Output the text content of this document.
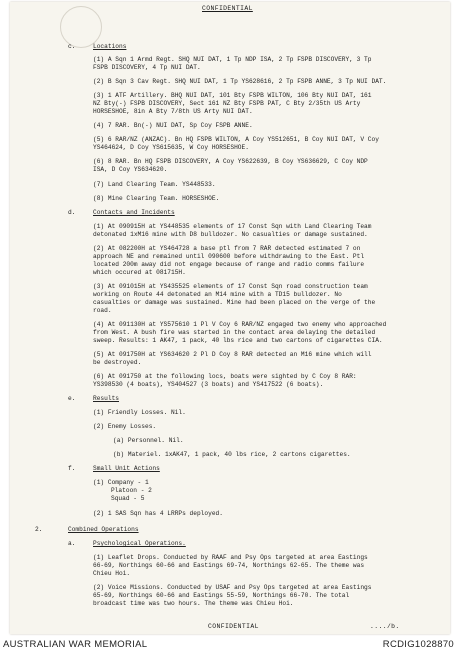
CONFIDENTIAL
c.	Locations
(1) A Sqn 1 Armd Regt. SHQ NUI DAT, 1 Tp NDP ISA, 2 Tp FSPB DISCOVERY, 3 Tp
FSPB DISCOVERY, 4 Tp NUI DAT.
(2) B Sqn 3 Cav Regt. SHQ NUI DAT, 1 Tp YS628616, 2 Tp FSPB ANNE, 3 Tp NUI DAT.
(3) 1 ATF Artillery. BHQ NUI DAT, 101 Bty FSPB WILTON, 106 Bty NUI DAT, 161
NZ Bty(-) FSPB DISCOVERY, Sect 161 NZ Bty FSPB PAT, C Bty 2/35th US Arty
HORSESHOE, 8in A Bty 7/8th US Arty NUI DAT.
(4) 7 RAR. Bn(-) NUI DAT, Sp Coy FSPB ANNE.
(5) 6 RAR/NZ (ANZAC). Bn HQ FSPB WILTON, A Coy YS512651, B Coy NUI DAT, V Coy
YS464624, D Coy YS615635, W Coy HORSESHOE.
(6) 8 RAR. Bn HQ FSPB DISCOVERY, A Coy YS622639, B Coy YS636629, C Coy NDP
ISA, D Coy YS634620.
(7) Land Clearing Team. YS448533.
(8) Mine Clearing Team. HORSESHOE.
d.	Contacts and Incidents
(1) At 090915H at YS448535 elements of 17 Const Sqn with Land Clearing Team
detonated 1xM16 mine with D8 bulldozer. No casualties or damage sustained.
(2) At 082200H at YS464728 a base ptl from 7 RAR detected estimated 7 on
approach NE and remained until 090600 before withdrawing to the East. Ptl
located 200m away did not engage because of range and radio comms failure
which occured at 081715H.
(3) At 091015H at YS435525 elements of 17 Const Sqn road construction team
working on Route 44 detonated an M14 mine with a TD15 bulldozer. No
casualties or damage was sustained. Mine had been placed on the verge of the
road.
(4) At 091130H at YS575610 1 Pl V Coy 6 RAR/NZ engaged two enemy who approached
from West. A bush fire was started in the contact area delaying the detailed
sweep. Results: 1 AK47, 1 pack, 40 lbs rice and two cartons of cigarettes CIA.
(5) At 091750H at YS634620 2 Pl D Coy 8 RAR detected an M16 mine which will
be destroyed.
(6) At 091750 at the following locs, boats were sighted by C Coy 8 RAR:
YS398530 (4 boats), YS404527 (3 boats) and YS417522 (6 boats).
e.	Results
(1) Friendly Losses. Nil.
(2) Enemy Losses.
(a) Personnel. Nil.
(b) Materiel. 1xAK47, 1 pack, 40 lbs rice, 2 cartons cigarettes.
f.	Small Unit Actions
(1) Company - 1
Platoon - 2
Squad - 5
(2) 1 SAS Sqn has 4 LRRPs deployed.
2.	Combined Operations
a.	Psychological Operations.
(1) Leaflet Drops. Conducted by RAAF and Psy Ops targeted at area Eastings
66-69, Northings 60-66 and Eastings 69-74, Northings 62-65. The theme was
Chieu Hoi.
(2) Voice Missions. Conducted by USAF and Psy Ops targeted at area Eastings
65-69, Northings 60-66 and Eastings 55-59, Northings 66-70. The total
broadcast time was two hours. The theme was Chieu Hoi.
CONFIDENTIAL	..../b.
AUSTRALIAN WAR MEMORIAL	RCDIG1028870
